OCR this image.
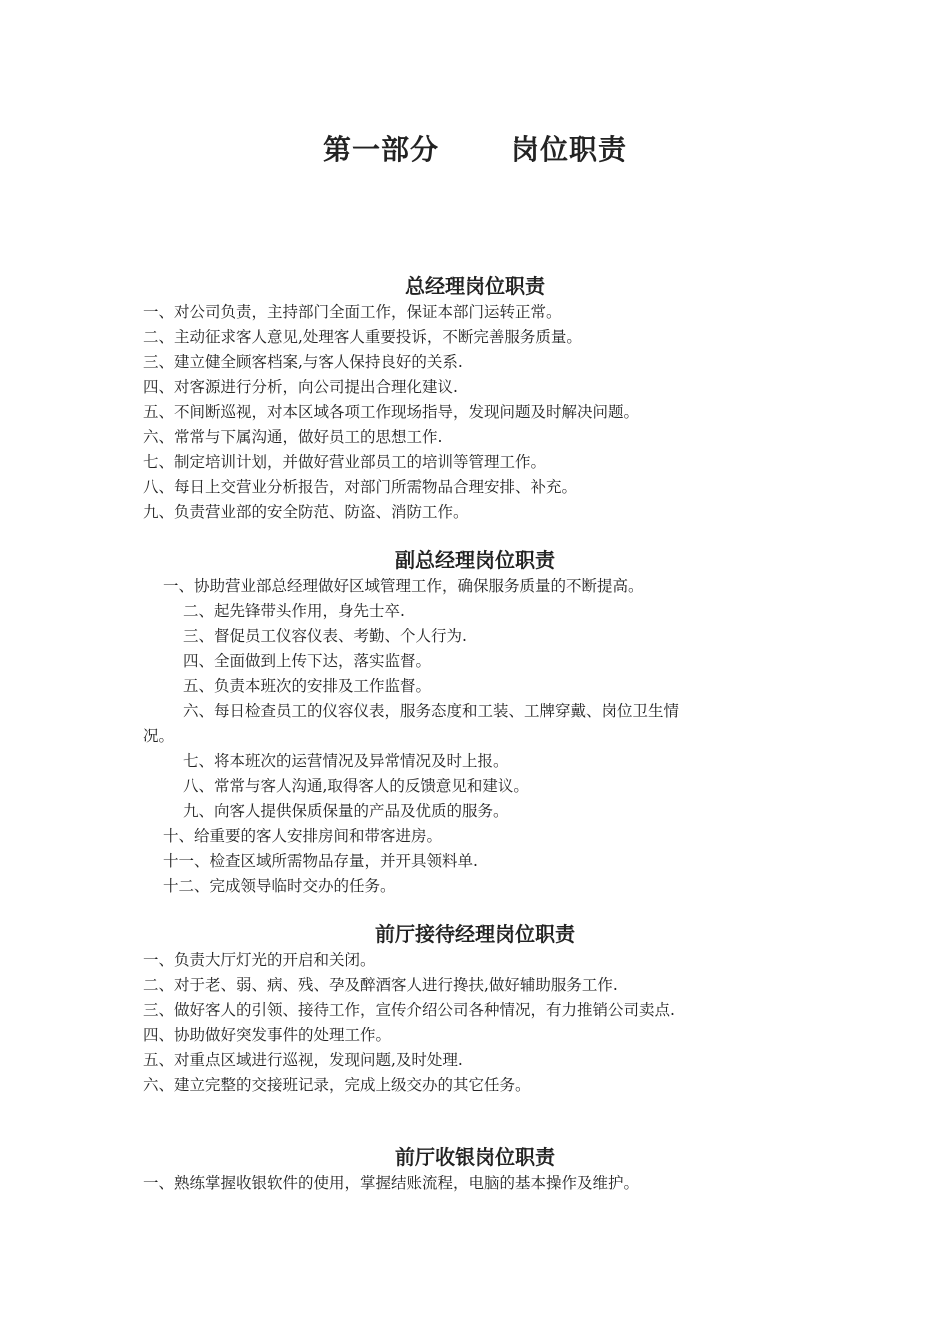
第一部分	岗位职责
总经理岗位职责
一、对公司负责，主持部门全面工作，保证本部门运转正常。
二、主动征求客人意见,处理客人重要投诉，不断完善服务质量。
三、建立健全顾客档案,与客人保持良好的关系.
四、对客源进行分析，向公司提出合理化建议.
五、不间断巡视，对本区域各项工作现场指导，发现问题及时解决问题。
六、常常与下属沟通，做好员工的思想工作.
七、制定培训计划，并做好营业部员工的培训等管理工作。
八、每日上交营业分析报告，对部门所需物品合理安排、补充。
九、负责营业部的安全防范、防盗、消防工作。
副总经理岗位职责
一、协助营业部总经理做好区域管理工作，确保服务质量的不断提高。
二、起先锋带头作用，身先士卒.
三、督促员工仪容仪表、考勤、个人行为.
四、全面做到上传下达，落实监督。
五、负责本班次的安排及工作监督。
六、每日检查员工的仪容仪表，服务态度和工装、工牌穿戴、岗位卫生情
况。
七、将本班次的运营情况及异常情况及时上报。
八、常常与客人沟通,取得客人的反馈意见和建议。
九、向客人提供保质保量的产品及优质的服务。
十、给重要的客人安排房间和带客进房。
十一、检查区域所需物品存量，并开具领料单.
十二、完成领导临时交办的任务。
前厅接待经理岗位职责
一、负责大厅灯光的开启和关闭。
二、对于老、弱、病、残、孕及醉酒客人进行搀扶,做好辅助服务工作.
三、做好客人的引领、接待工作，宣传介绍公司各种情况，有力推销公司卖点.
四、协助做好突发事件的处理工作。
五、对重点区域进行巡视，发现问题,及时处理.
六、建立完整的交接班记录，完成上级交办的其它任务。
前厅收银岗位职责
一、熟练掌握收银软件的使用，掌握结账流程，电脑的基本操作及维护。
